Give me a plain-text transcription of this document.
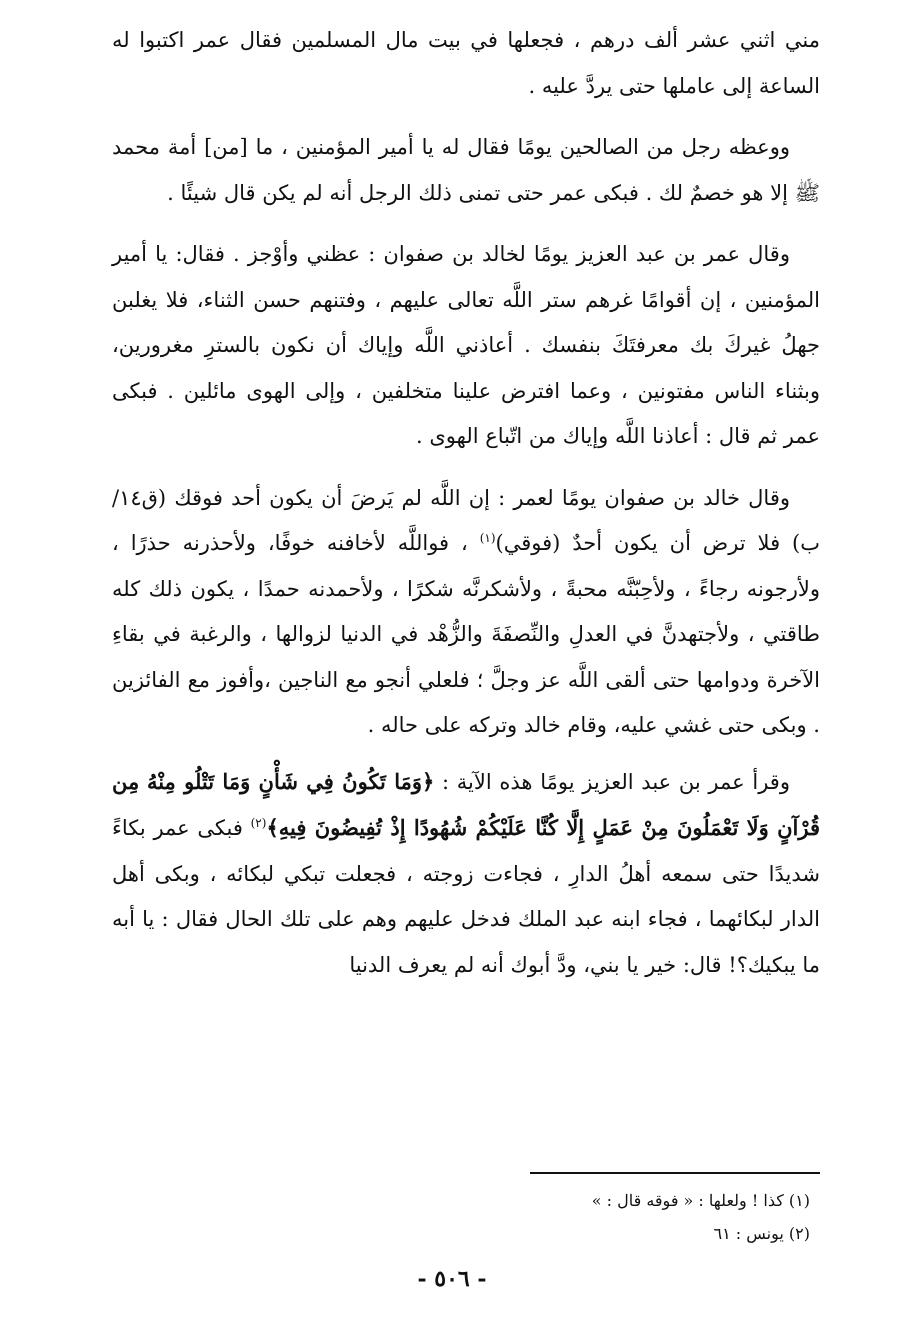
مني اثني عشر ألف درهم ، فجعلها في بيت مال المسلمين فقال عمر اكتبوا له الساعة إلى عاملها حتى يردَّ عليه .

ووعظه رجل من الصالحين يومًا فقال له يا أمير المؤمنين ، ما [من] أمة محمد ﷺ إلا هو خصمٌ لك . فبكى عمر حتى تمنى ذلك الرجل أنه لم يكن قال شيئًا .

وقال عمر بن عبد العزيز يومًا لخالد بن صفوان : عظني وأوْجز . فقال: يا أمير المؤمنين ، إن أقوامًا غرهم ستر اللَّه تعالى عليهم ، وفتنهم حسن الثناء، فلا يغلبن جهلُ غيركَ بك معرفتَكَ بنفسك . أعاذني اللَّه وإياك أن نكون بالسترِ مغرورين، وبثناء الناس مفتونين ، وعما افترض علينا متخلفين ، وإلى الهوى مائلين . فبكى عمر ثم قال : أعاذنا اللَّه وإياك من اتّباع الهوى .

وقال خالد بن صفوان يومًا لعمر : إن اللَّه لم يَرضَ أن يكون أحد فوقك (ق١٤/ب) فلا ترض أن يكون أحدٌ (فوقي)$^{(١)}$ ، فواللَّه لأخافنه خوفًا، ولأحذرنه حذرًا ، ولأرجونه رجاءً ، ولأحِبّنَّه محبةً ، ولأشكرنَّه شكرًا ، ولأحمدنه حمدًا ، يكون ذلك كله طاقتي ، ولأجتهدنَّ في العدلِ والنِّصفَةَ والزُّهْد في الدنيا لزوالها ، والرغبة في بقاءِ الآخرة ودوامها حتى ألقى اللَّه عز وجلَّ ؛ فلعلي أنجو مع الناجين ،وأفوز مع الفائزين . وبكى حتى غشي عليه، وقام خالد وتركه على حاله .

وقرأ عمر بن عبد العزيز يومًا هذه الآية : ﴿وَمَا تَكُونُ فِي شَأْنٍ وَمَا تَتْلُو مِنْهُ مِن قُرْآنٍ وَلَا تَعْمَلُونَ مِنْ عَمَلٍ إِلَّا كُنَّا عَلَيْكُمْ شُهُودًا إِذْ تُفِيضُونَ فِيهِ﴾$^{(٢)}$ فبكى عمر بكاءً شديدًا حتى سمعه أهلُ الدارِ ، فجاءت زوجته ، فجعلت تبكي لبكائه ، وبكى أهل الدار لبكائهما ، فجاء ابنه عبد الملك فدخل عليهم وهم على تلك الحال فقال : يا أبه ما يبكيك؟! قال: خير يا بني، ودَّ أبوك أنه لم يعرف الدنيا

(١) كذا ! ولعلها : « فوقه قال : »

(٢) يونس : ٦١

- ٥٠٦ -
